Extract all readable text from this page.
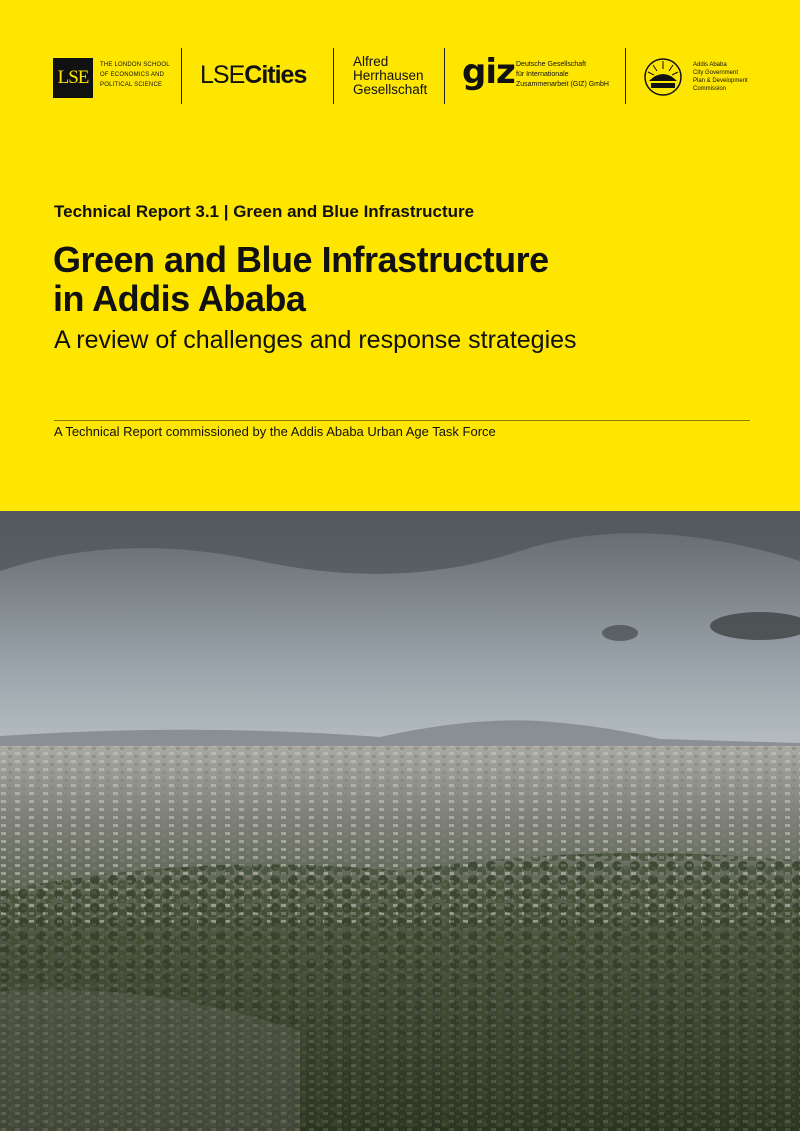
LSE
THE LONDON SCHOOL
OF ECONOMICS AND
POLITICAL SCIENCE	LSECities	Alfred
Herrhausen
Gesellschaft giz Deutsche Gesellschaft
für Internationale
Zusammenarbeit (GIZ) GmbH
Addis Ababa
City Government
Plan & Development
Commission
Technical Report 3.1 | Green and Blue Infrastructure
Green and Blue Infrastructure
in Addis Ababa
A review of challenges and response strategies
A Technical Report commissioned by the Addis Ababa Urban Age Task Force
